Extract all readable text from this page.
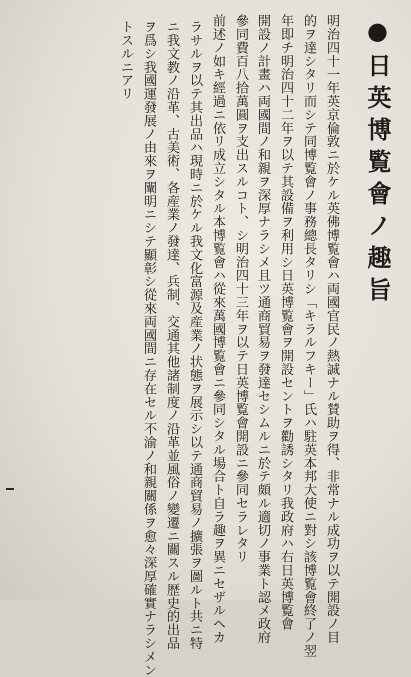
●日英博覧會ノ趣旨
明治四十一年英京倫敦ニ於ケル英佛博覧會ハ両國官民ノ熱誠ナル賛助ヲ得、非常ナル成功ヲ以テ開設ノ目
的ヲ達シタリ而シテ同博覧會ノ事務總長タリシ「キラルフキー」氏ハ駐英本邦大使ニ對シ該博覧會終了ノ翌
年即チ明治四十二年ヲ以テ其設備ヲ利用シ日英博覧會ヲ開設セントヲ勸誘シタリ我政府ハ右日英博覧會
開設ノ計畫ハ両國間ノ和親ヲ深厚ナラシメ且ツ通商貿易ヲ發達セシムルニ於テ頗ル適切ノ事業ト認メ政府
參同費百八拾萬圓ヲ支出スルコト、シ明治四十三年ヲ以テ日英博覧會開設ニ參同セラレタリ
前述ノ如キ經過ニ依リ成立シタル本博覧會ハ從來萬國博覧會ニ參同シタル場合ト自ラ趣ヲ異ニセザルヘカ
ラサルヲ以テ其出品ハ現時ニ於ケル我文化富源及産業ノ状態ヲ展示シ以テ通商貿易ノ擴張ヲ圖ルト共ニ特
ニ我文教ノ沿革、古美術、各産業ノ發達、兵制、交通其他諸制度ノ沿革並風俗ノ變遷ニ關スル歴史的出品
ヲ爲シ我國運發展ノ由來ヲ闡明ニシテ顯彰シ從來両國間ニ存在セル不渝ノ和親關係ヲ愈々深厚確實ナラシメン
トスルニアリ
